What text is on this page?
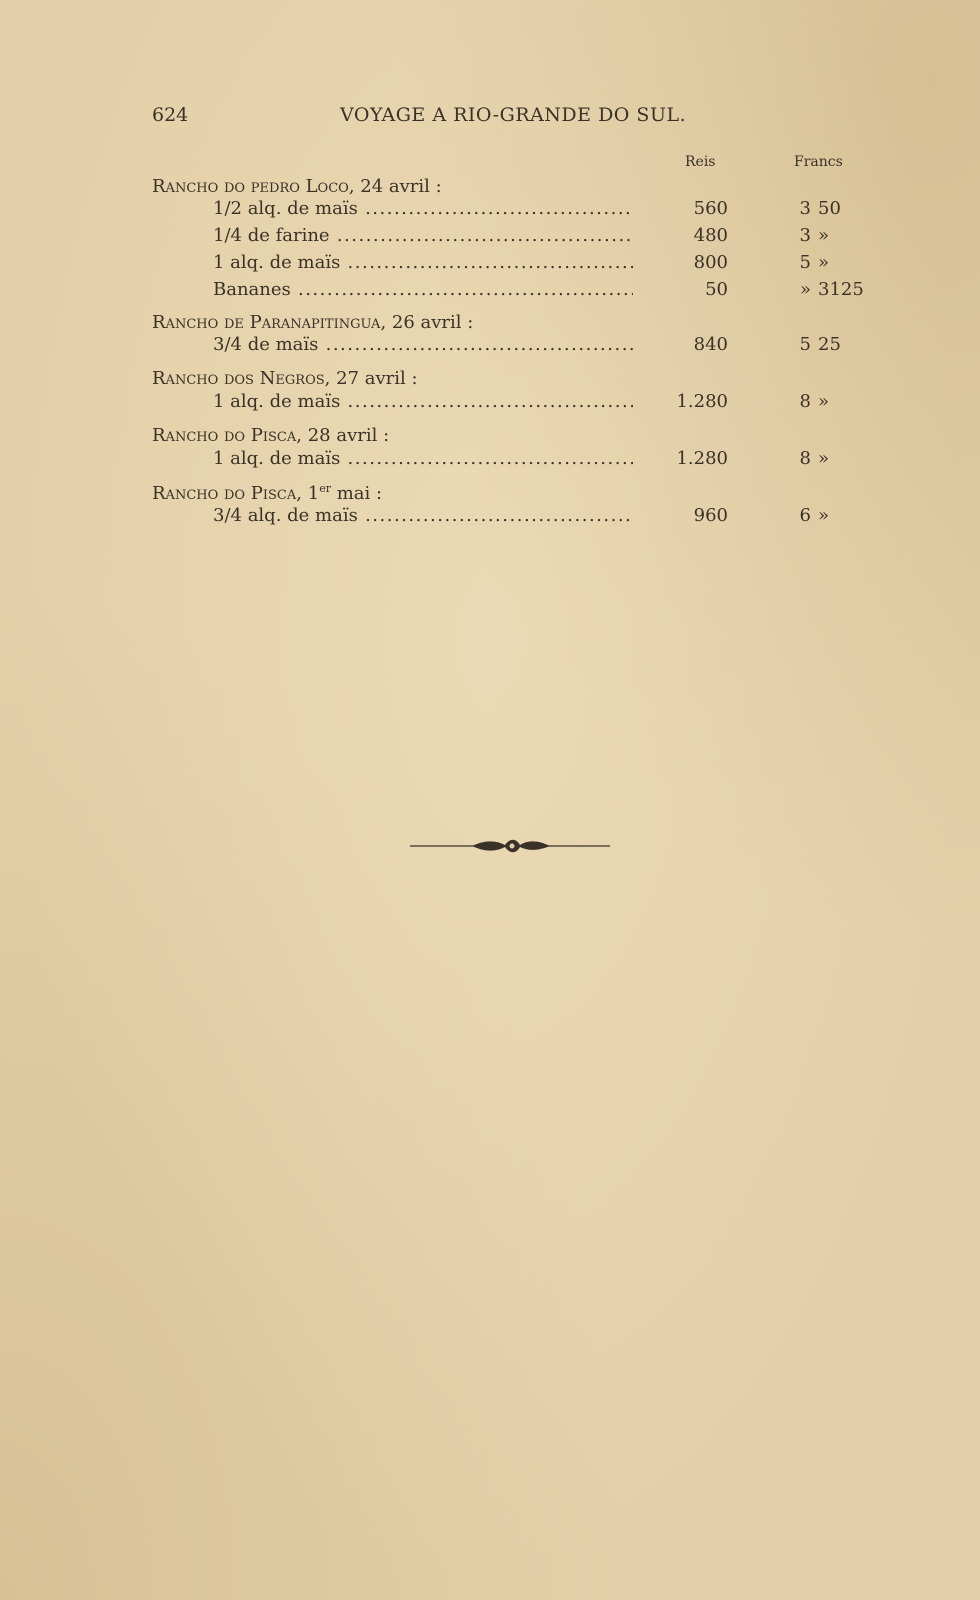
624	VOYAGE A RIO-GRANDE DO SUL.
Reis	Francs
Rancho do pedro Loco, 24 avril :
1/2 alq. de maïs .....	560	3 50
1/4 de farine .....	480	3 »
1 alq. de maïs .....	800	5 »
Bananes .....	50	» 3125
Rancho de Paranapitingua, 26 avril :
3/4 de maïs .....	840	5 25
Rancho dos Negros, 27 avril :
1 alq. de maïs .....	1.280	8 »
Rancho do Pisca, 28 avril :
1 alq. de maïs .....	1.280	8 »
Rancho do Pisca, 1er mai :
3/4 alq. de maïs .....	960	6 »
